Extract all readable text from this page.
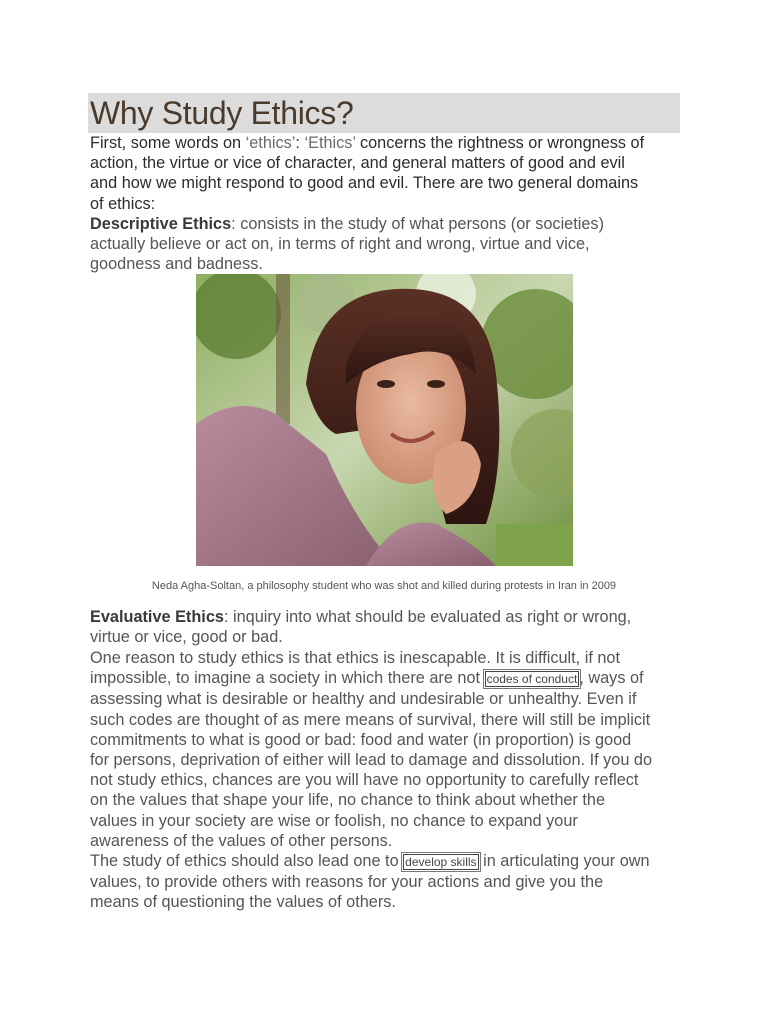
Why Study Ethics?
First, some words on ‘ethics’: ‘Ethics’ concerns the rightness or wrongness of
action, the virtue or vice of character, and general matters of good and evil
and how we might respond to good and evil. There are two general domains
of ethics:
Descriptive Ethics: consists in the study of what persons (or societies)
actually believe or act on, in terms of right and wrong, virtue and vice,
goodness and badness.
Neda Agha-Soltan, a philosophy student who was shot and killed during protests in Iran in 2009
Evaluative Ethics: inquiry into what should be evaluated as right or wrong,
virtue or vice, good or bad.
One reason to study ethics is that ethics is inescapable. It is difficult, if not
impossible, to imagine a society in which there are not codes of conduct , ways of
assessing what is desirable or healthy and undesirable or unhealthy. Even if
such codes are thought of as mere means of survival, there will still be implicit
commitments to what is good or bad: food and water (in proportion) is good
for persons, deprivation of either will lead to damage and dissolution. If you do
not study ethics, chances are you will have no opportunity to carefully reflect
on the values that shape your life, no chance to think about whether the
values in your society are wise or foolish, no chance to expand your
awareness of the values of other persons.
The study of ethics should also lead one to develop skills in articulating your own
values, to provide others with reasons for your actions and give you the
means of questioning the values of others.
